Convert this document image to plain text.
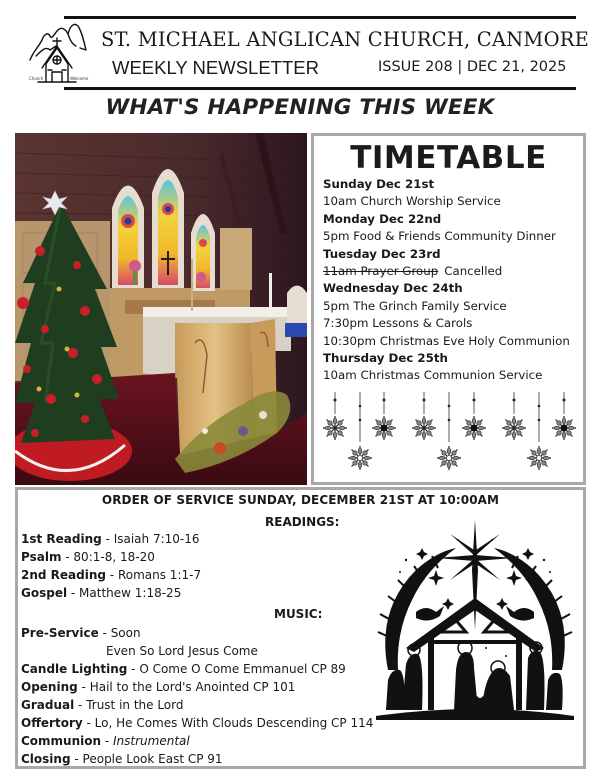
Church	Welcome
ST. MICHAEL ANGLICAN CHURCH, CANMORE
WEEKLY NEWSLETTER	ISSUE 208 | DEC 21, 2025
WHAT'S HAPPENING THIS WEEK
TIMETABLE
Sunday Dec 21st
10am Church Worship Service
Monday Dec 22nd
5pm Food & Friends Community Dinner
Tuesday Dec 23rd
11am Prayer Group Cancelled
Wednesday Dec 24th
5pm The Grinch Family Service
7:30pm Lessons & Carols
10:30pm Christmas Eve Holy Communion
Thursday Dec 25th
10am Christmas Communion Service
ORDER OF SERVICE SUNDAY, DECEMBER 21ST AT 10:00AM
READINGS:
1st Reading - Isaiah 7:10-16
Psalm - 80:1-8, 18-20
2nd Reading - Romans 1:1-7
Gospel - Matthew 1:18-25
MUSIC:
Pre-Service - Soon
Even So Lord Jesus Come
Candle Lighting - O Come O Come Emmanuel CP 89
Opening - Hail to the Lord's Anointed CP 101
Gradual - Trust in the Lord
Offertory - Lo, He Comes With Clouds Descending CP 114
Communion - Instrumental
Closing - People Look East CP 91
